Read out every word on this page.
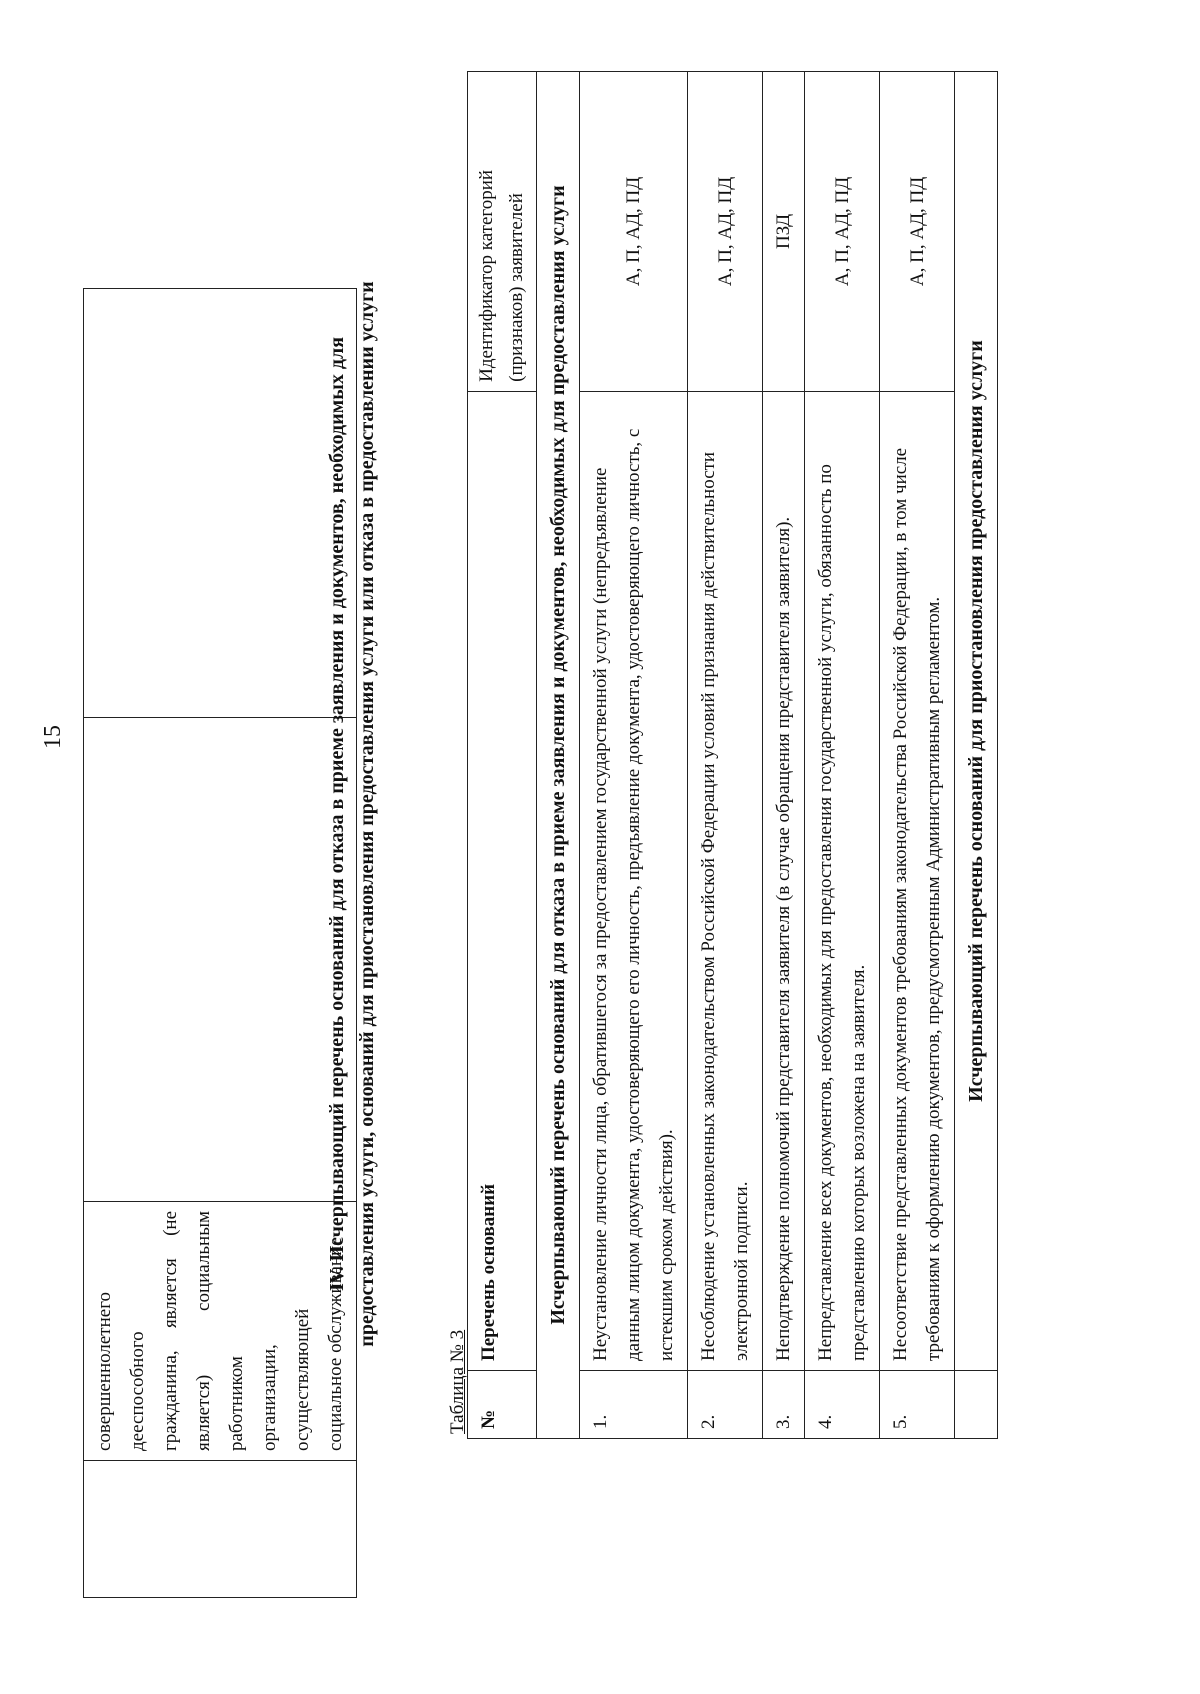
15

совершеннолетнего дееспособного гражданина, является (не является) социальным работником организации, осуществляющей социальное обслуживание

IV. Исчерпывающий перечень оснований для отказа в приеме заявления и документов, необходимых для предоставления услуги, оснований для приостановления предоставления услуги или отказа в предоставлении услуги
Таблица № 3 №	Перечень оснований	Идентификатор категорий (признаков) заявителей
Исчерпывающий перечень оснований для отказа в приеме заявления и документов, необходимых для предоставления услуги		
1.	Неустановление личности лица, обратившегося за предоставлением государственной услуги (непредъявление данным лицом документа, удостоверяющего его личность, предъявление документа, удостоверяющего личность, с истекшим сроком действия).	А, П, АД, ПД
2.	Несоблюдение установленных законодательством Российской Федерации условий признания действительности электронной подписи.	А, П, АД, ПД
3.	Неподтверждение полномочий представителя заявителя (в случае обращения представителя заявителя).	ПЗД
4.	Непредставление всех документов, необходимых для предоставления государственной услуги, обязанность по представлению которых возложена на заявителя.	А, П, АД, ПД
5.	Несоответствие представленных документов требованиям законодательства Российской Федерации, в том числе требованиям к оформлению документов, предусмотренным Административным регламентом.	А, П, АД, ПД
	Исчерпывающий перечень оснований для приостановления предоставления услуги	
